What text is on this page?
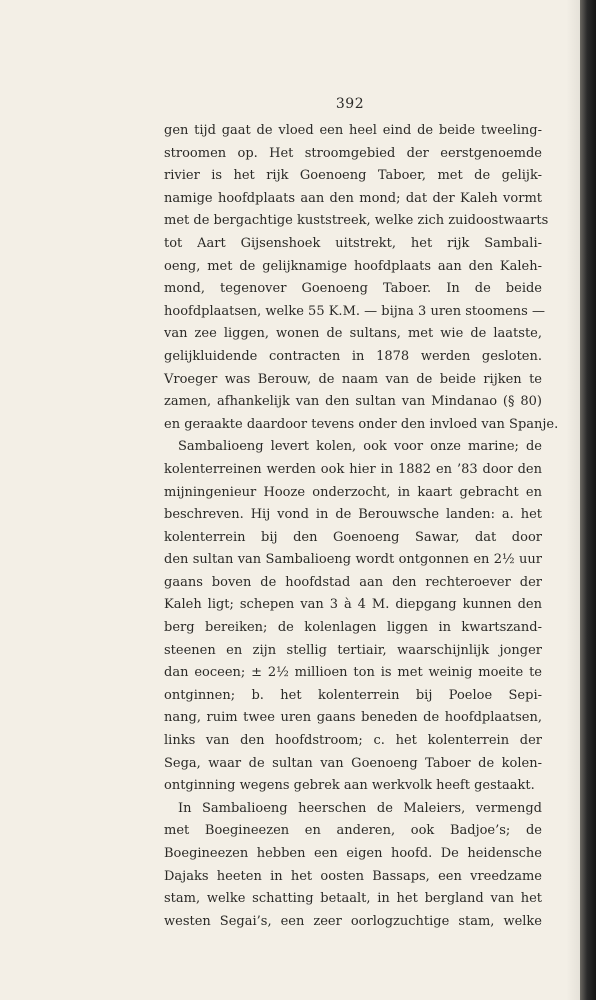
392
gen tijd gaat de vloed een heel eind de beide tweeling-
stroomen op. Het stroomgebied der eerstgenoemde
rivier is het rijk Goenoeng Taboer, met de gelijk-
namige hoofdplaats aan den mond; dat der Kaleh vormt
met de bergachtige kuststreek, welke zich zuidoostwaarts
tot Aart Gijsenshoek uitstrekt, het rijk Sambali-
oeng, met de gelijknamige hoofdplaats aan den Kaleh-
mond, tegenover Goenoeng Taboer. In de beide
hoofdplaatsen, welke 55 K.M. — bijna 3 uren stoomens —
van zee liggen, wonen de sultans, met wie de laatste,
gelijkluidende contracten in 1878 werden gesloten.
Vroeger was Berouw, de naam van de beide rijken te
zamen, afhankelijk van den sultan van Mindanao (§ 80)
en geraakte daardoor tevens onder den invloed van Spanje.
Sambalioeng levert kolen, ook voor onze marine; de
kolenterreinen werden ook hier in 1882 en ’83 door den
mijningenieur Hooze onderzocht, in kaart gebracht en
beschreven. Hij vond in de Berouwsche landen: a. het
kolenterrein bij den Goenoeng Sawar, dat door
den sultan van Sambalioeng wordt ontgonnen en 2½ uur
gaans boven de hoofdstad aan den rechteroever der
Kaleh ligt; schepen van 3 à 4 M. diepgang kunnen den
berg bereiken; de kolenlagen liggen in kwartszand-
steenen en zijn stellig tertiair, waarschijnlijk jonger
dan eoceen; ± 2½ millioen ton is met weinig moeite te
ontginnen; b. het kolenterrein bij Poeloe Sepi-
nang, ruim twee uren gaans beneden de hoofdplaatsen,
links van den hoofdstroom; c. het kolenterrein der
Sega, waar de sultan van Goenoeng Taboer de kolen-
ontginning wegens gebrek aan werkvolk heeft gestaakt.
In Sambalioeng heerschen de Maleiers, vermengd
met Boegineezen en anderen, ook Badjoe’s; de
Boegineezen hebben een eigen hoofd. De heidensche
Dajaks heeten in het oosten Bassaps, een vreedzame
stam, welke schatting betaalt, in het bergland van het
westen Segai’s, een zeer oorlogzuchtige stam, welke
